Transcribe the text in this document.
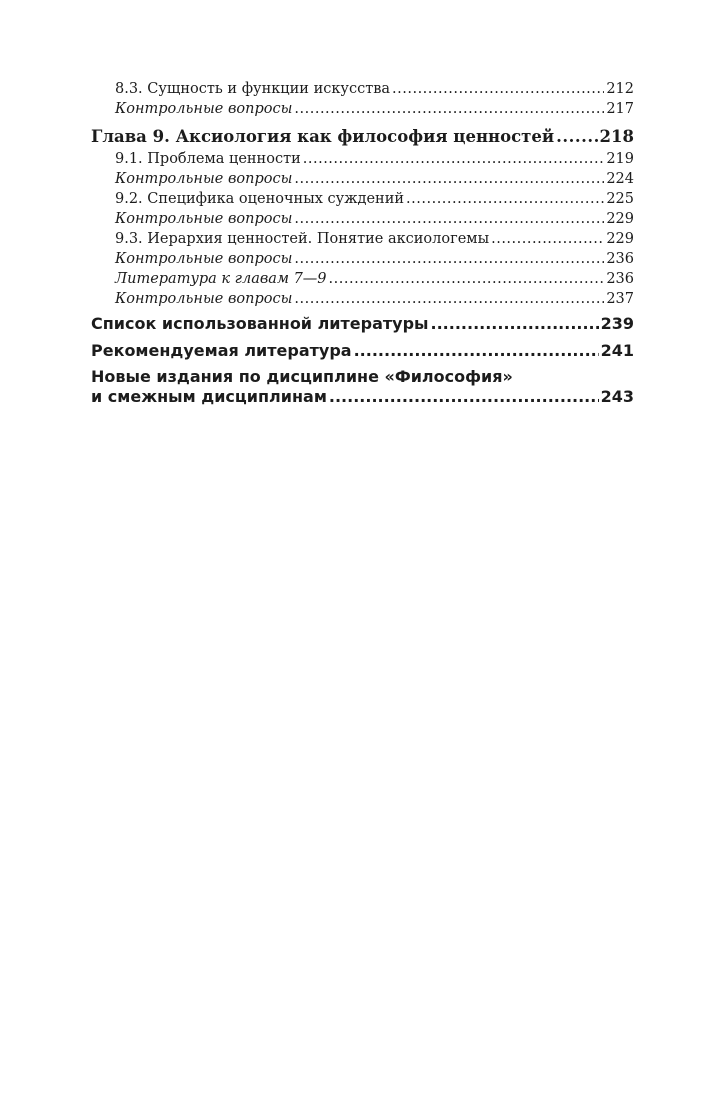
8.3. Сущность и функции искусства .....	212
Контрольные вопросы .....	217
Глава 9. Аксиология как философия ценностей .....	218
9.1. Проблема ценности .....	219
Контрольные вопросы .....	224
9.2. Специфика оценочных суждений .....	225
Контрольные вопросы .....	229
9.3. Иерархия ценностей. Понятие аксиологемы .....	229
Контрольные вопросы .....	236
Литература к главам 7—9 .....	236
Контрольные вопросы .....	237
Список использованной литературы .....	239
Рекомендуемая литература .....	241
Новые издания по дисциплине «Философия»
и смежным дисциплинам .....	243
